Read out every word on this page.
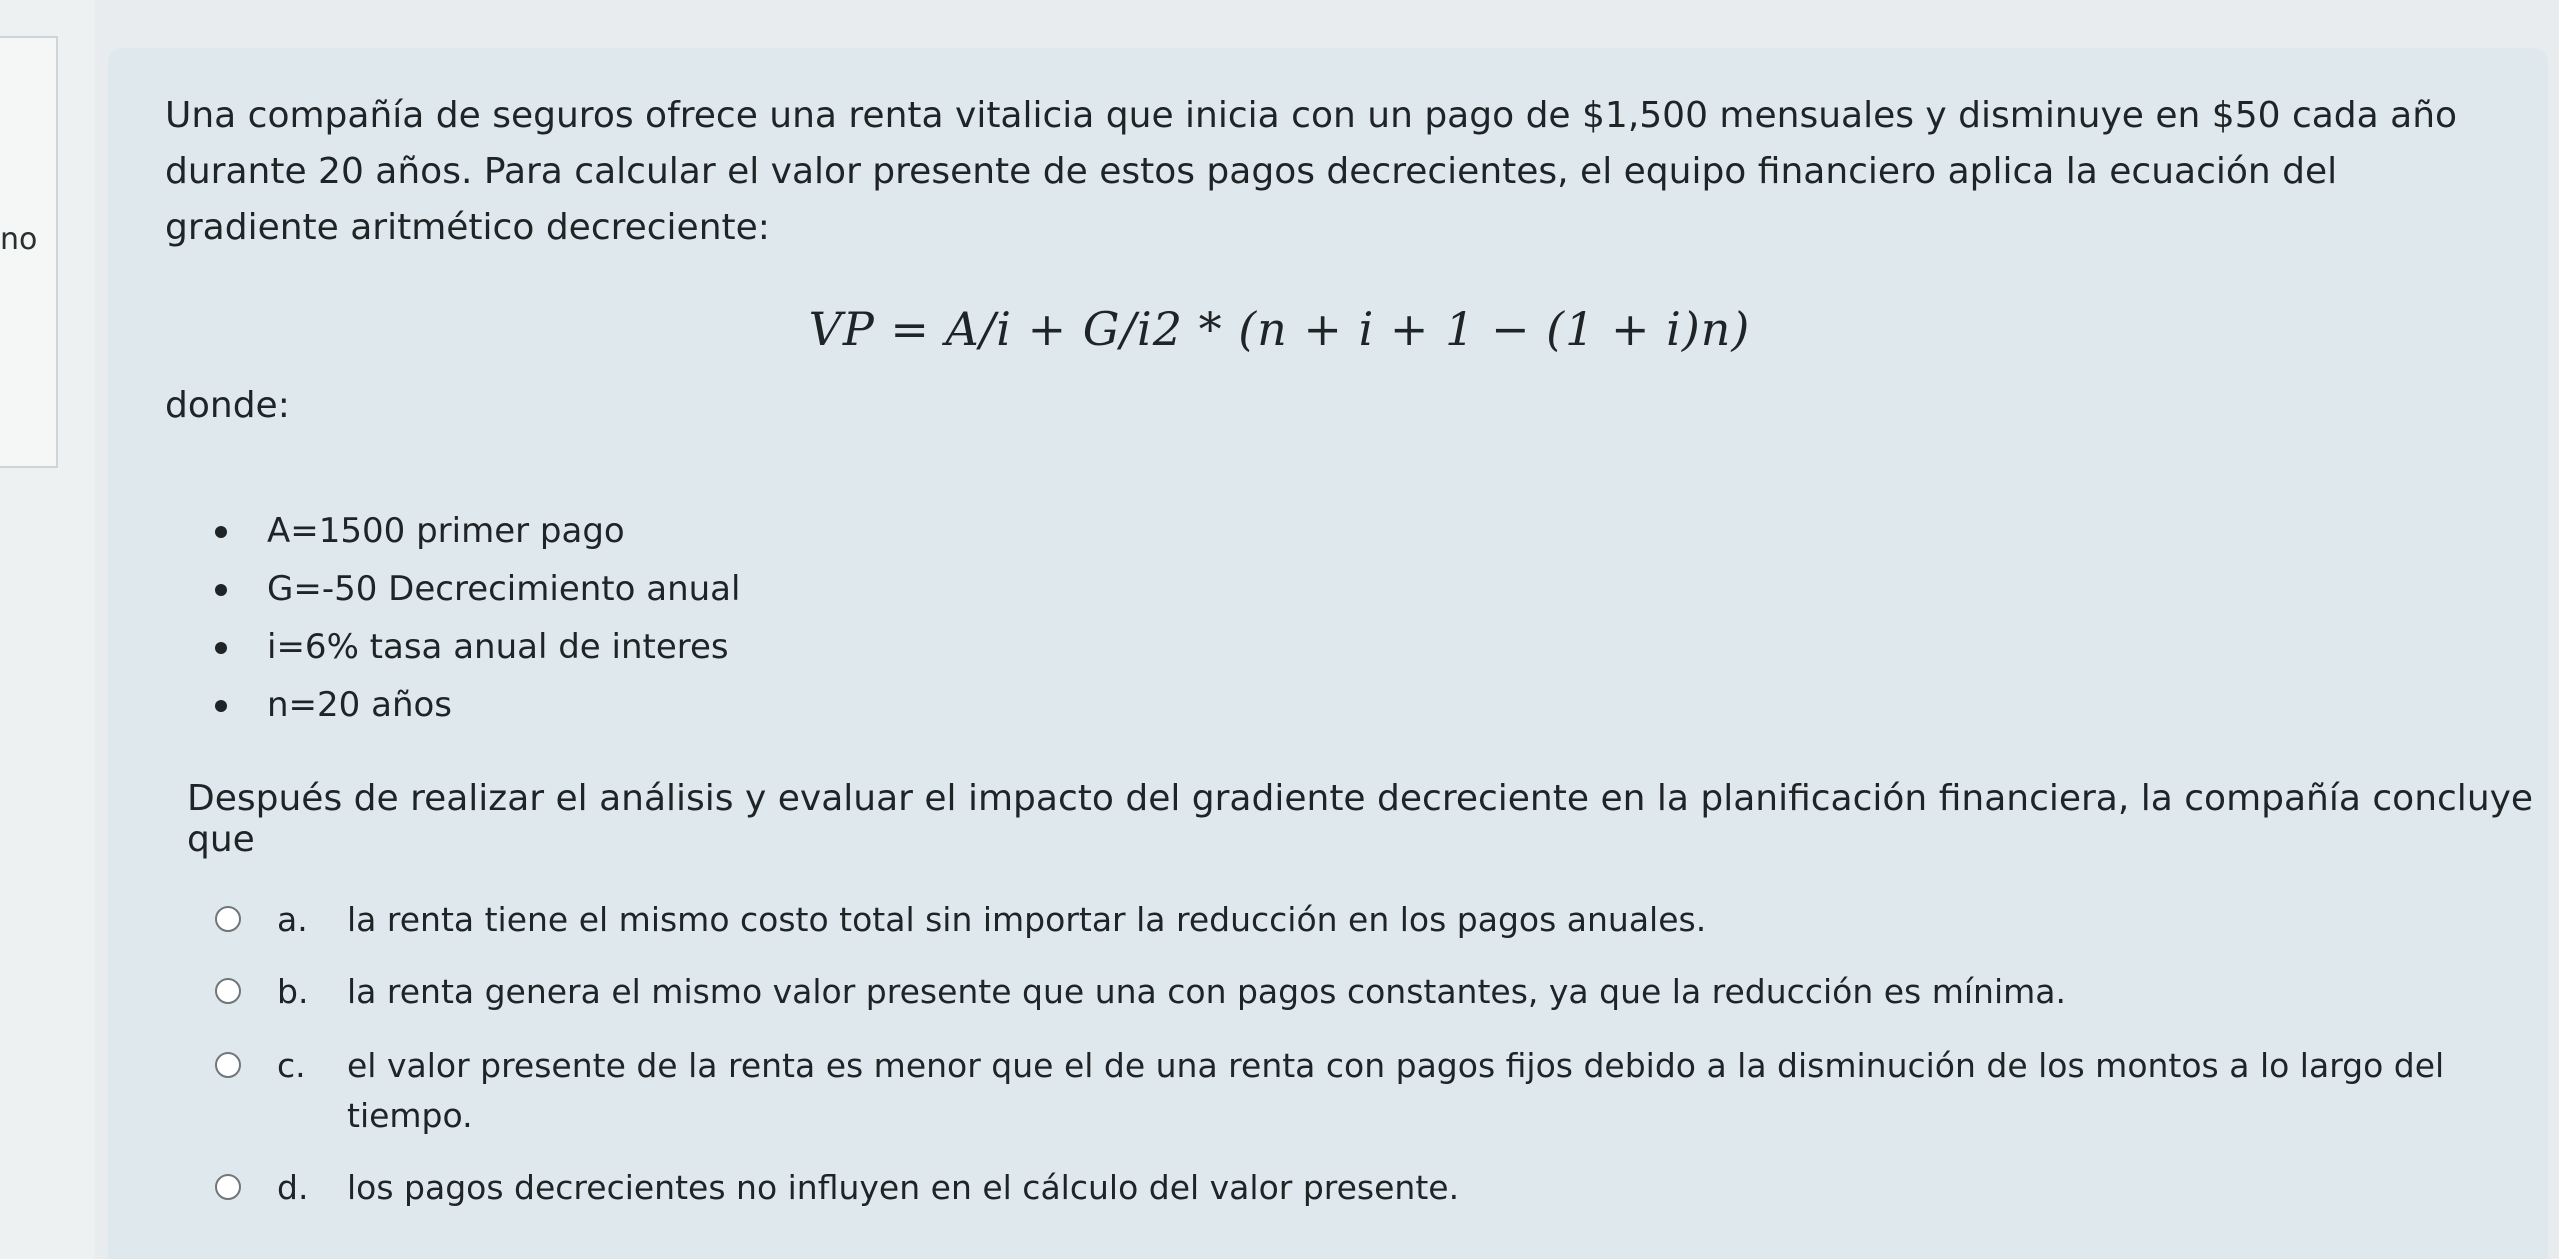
no
Una compañía de seguros ofrece una renta vitalicia que inicia con un pago de $1,500 mensuales y disminuye en $50 cada año durante 20 años. Para calcular el valor presente de estos pagos decrecientes, el equipo financiero aplica la ecuación del gradiente aritmético decreciente:
VP = A/i + G/i2 * (n + i + 1 − (1 + i)n)
donde:
A=1500 primer pago
G=-50 Decrecimiento anual
i=6% tasa anual de interes
n=20 años
Después de realizar el análisis y evaluar el impacto del gradiente decreciente en la planificación financiera, la compañía concluye que
a. la renta tiene el mismo costo total sin importar la reducción en los pagos anuales.
b. la renta genera el mismo valor presente que una con pagos constantes, ya que la reducción es mínima.
c. el valor presente de la renta es menor que el de una renta con pagos fijos debido a la disminución de los montos a lo largo del tiempo.
d. los pagos decrecientes no influyen en el cálculo del valor presente.
